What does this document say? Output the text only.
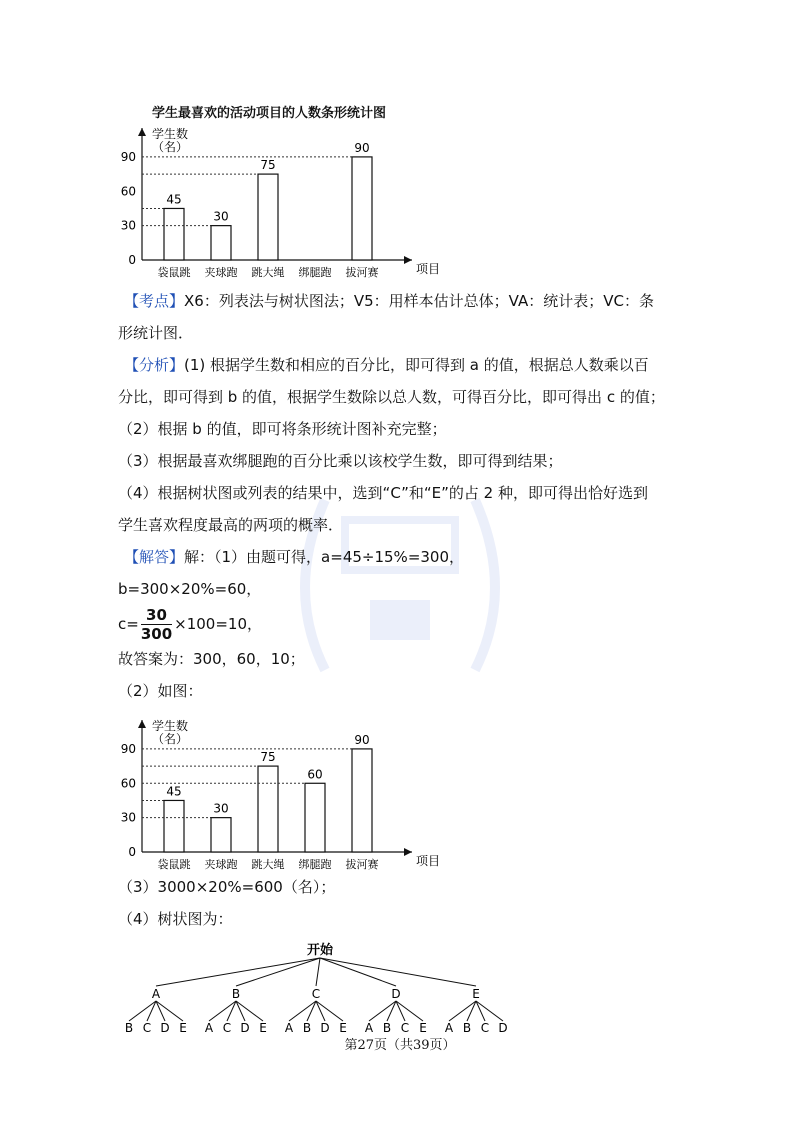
学生最喜欢的活动项目的人数条形统计图
学生数
（名）
项目
0
30
60
90
袋鼠跳
45
夹球跑
30
跳大绳
75
绑腿跑 拔河赛
90
【考点】X6：列表法与树状图法；V5：用样本估计总体；VA：统计表；VC：条
形统计图．
【分析】(1) 根据学生数和相应的百分比，即可得到 a 的值，根据总人数乘以百
分比，即可得到 b 的值，根据学生数除以总人数，可得百分比，即可得出 c 的值；
（2）根据 b 的值，即可将条形统计图补充完整；
（3）根据最喜欢绑腿跑的百分比乘以该校学生数，即可得到结果；
（4）根据树状图或列表的结果中，选到“C”和“E”的占 2 种，即可得出恰好选到
学生喜欢程度最高的两项的概率．
【解答】解：（1）由题可得，a=45÷15%=300，
b=300×20%=60，
$c= \frac{30}{300} \times 100=10$，
故答案为：300，60，10；
（2）如图：
学生数
（名）
项目
0
30
60
90
袋鼠跳
45
夹球跑
30
跳大绳
75
绑腿跑
60
拔河赛
90
（3）3000×20%=600（名）；
（4）树状图为：
开始
A
B C D E
B
A C D E
C
A B D E
D
A B C E
E
A B C D
第27页（共39页）
